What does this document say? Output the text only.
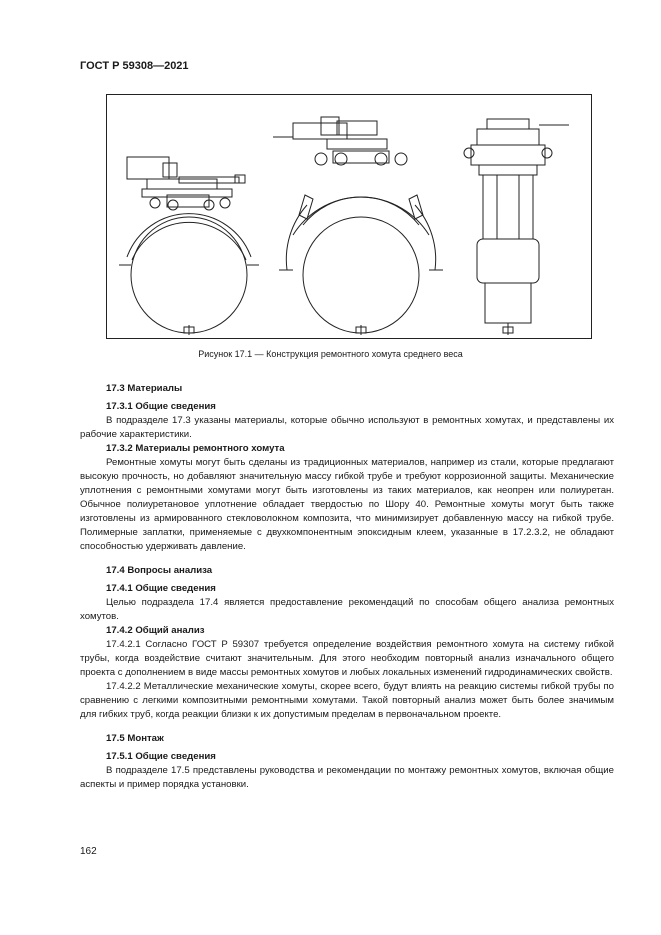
ГОСТ Р 59308—2021
Рисунок 17.1 — Конструкция ремонтного хомута среднего веса

17.3 Материалы

17.3.1 Общие сведения

В подразделе 17.3 указаны материалы, которые обычно используют в ремонтных хомутах, и представлены их рабочие характеристики.

17.3.2 Материалы ремонтного хомута

Ремонтные хомуты могут быть сделаны из традиционных материалов, например из стали, которые предлагают высокую прочность, но добавляют значительную массу гибкой трубе и требуют коррозионной защиты. Механические уплотнения с ремонтными хомутами могут быть изготовлены из таких материалов, как неопрен или полиуретан. Обычное полиуретановое уплотнение обладает твердостью по Шору 40. Ремонтные хомуты могут быть также изготовлены из армированного стекловолокном композита, что минимизирует добавленную массу на гибкой трубе. Полимерные заплатки, применяемые с двухкомпонентным эпоксидным клеем, указанные в 17.2.3.2, не обладают способностью удерживать давление.

17.4 Вопросы анализа

17.4.1 Общие сведения

Целью подраздела 17.4 является предоставление рекомендаций по способам общего анализа ремонтных хомутов.

17.4.2 Общий анализ

17.4.2.1 Согласно ГОСТ Р 59307 требуется определение воздействия ремонтного хомута на систему гибкой трубы, когда воздействие считают значительным. Для этого необходим повторный анализ изначального общего проекта с дополнением в виде массы ремонтных хомутов и любых локальных изменений гидродинамических свойств.

17.4.2.2 Металлические механические хомуты, скорее всего, будут влиять на реакцию системы гибкой трубы по сравнению с легкими композитными ремонтными хомутами. Такой повторный анализ может быть более значимым для гибких труб, когда реакции близки к их допустимым пределам в первоначальном проекте.

17.5 Монтаж

17.5.1 Общие сведения

В подразделе 17.5 представлены руководства и рекомендации по монтажу ремонтных хомутов, включая общие аспекты и пример порядка установки.

162
